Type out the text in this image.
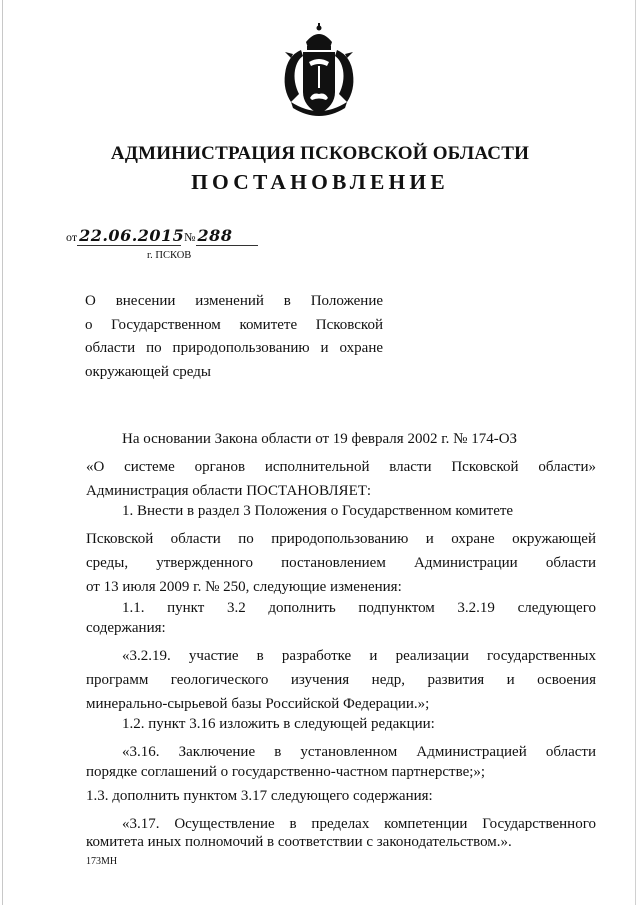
АДМИНИСТРАЦИЯ ПСКОВСКОЙ ОБЛАСТИ
ПОСТАНОВЛЕНИЕ
от 22.06.2015 № 288
г. ПСКОВ
О внесении изменений в Положение
о Государственном комитете Псковской
области по природопользованию и охране
окружающей среды
На основании Закона области от 19 февраля 2002 г. № 174-ОЗ
«О системе органов исполнительной власти Псковской области»
Администрация области ПОСТАНОВЛЯЕТ:
1. Внести в раздел 3 Положения о Государственном комитете
Псковской области по природопользованию и охране окружающей
среды, утвержденного постановлением Администрации области
от 13 июля 2009 г. № 250, следующие изменения:
1.1. пункт 3.2 дополнить подпунктом 3.2.19 следующего
содержания:
«3.2.19. участие в разработке и реализации государственных
программ геологического изучения недр, развития и освоения
минерально-сырьевой базы Российской Федерации.»;
1.2. пункт 3.16 изложить в следующей редакции:
«3.16. Заключение в установленном Администрацией области
порядке соглашений о государственно-частном партнерстве;»;
1.3. дополнить пунктом 3.17 следующего содержания:
«3.17. Осуществление в пределах компетенции Государственного
комитета иных полномочий в соответствии с законодательством.».
173МН
